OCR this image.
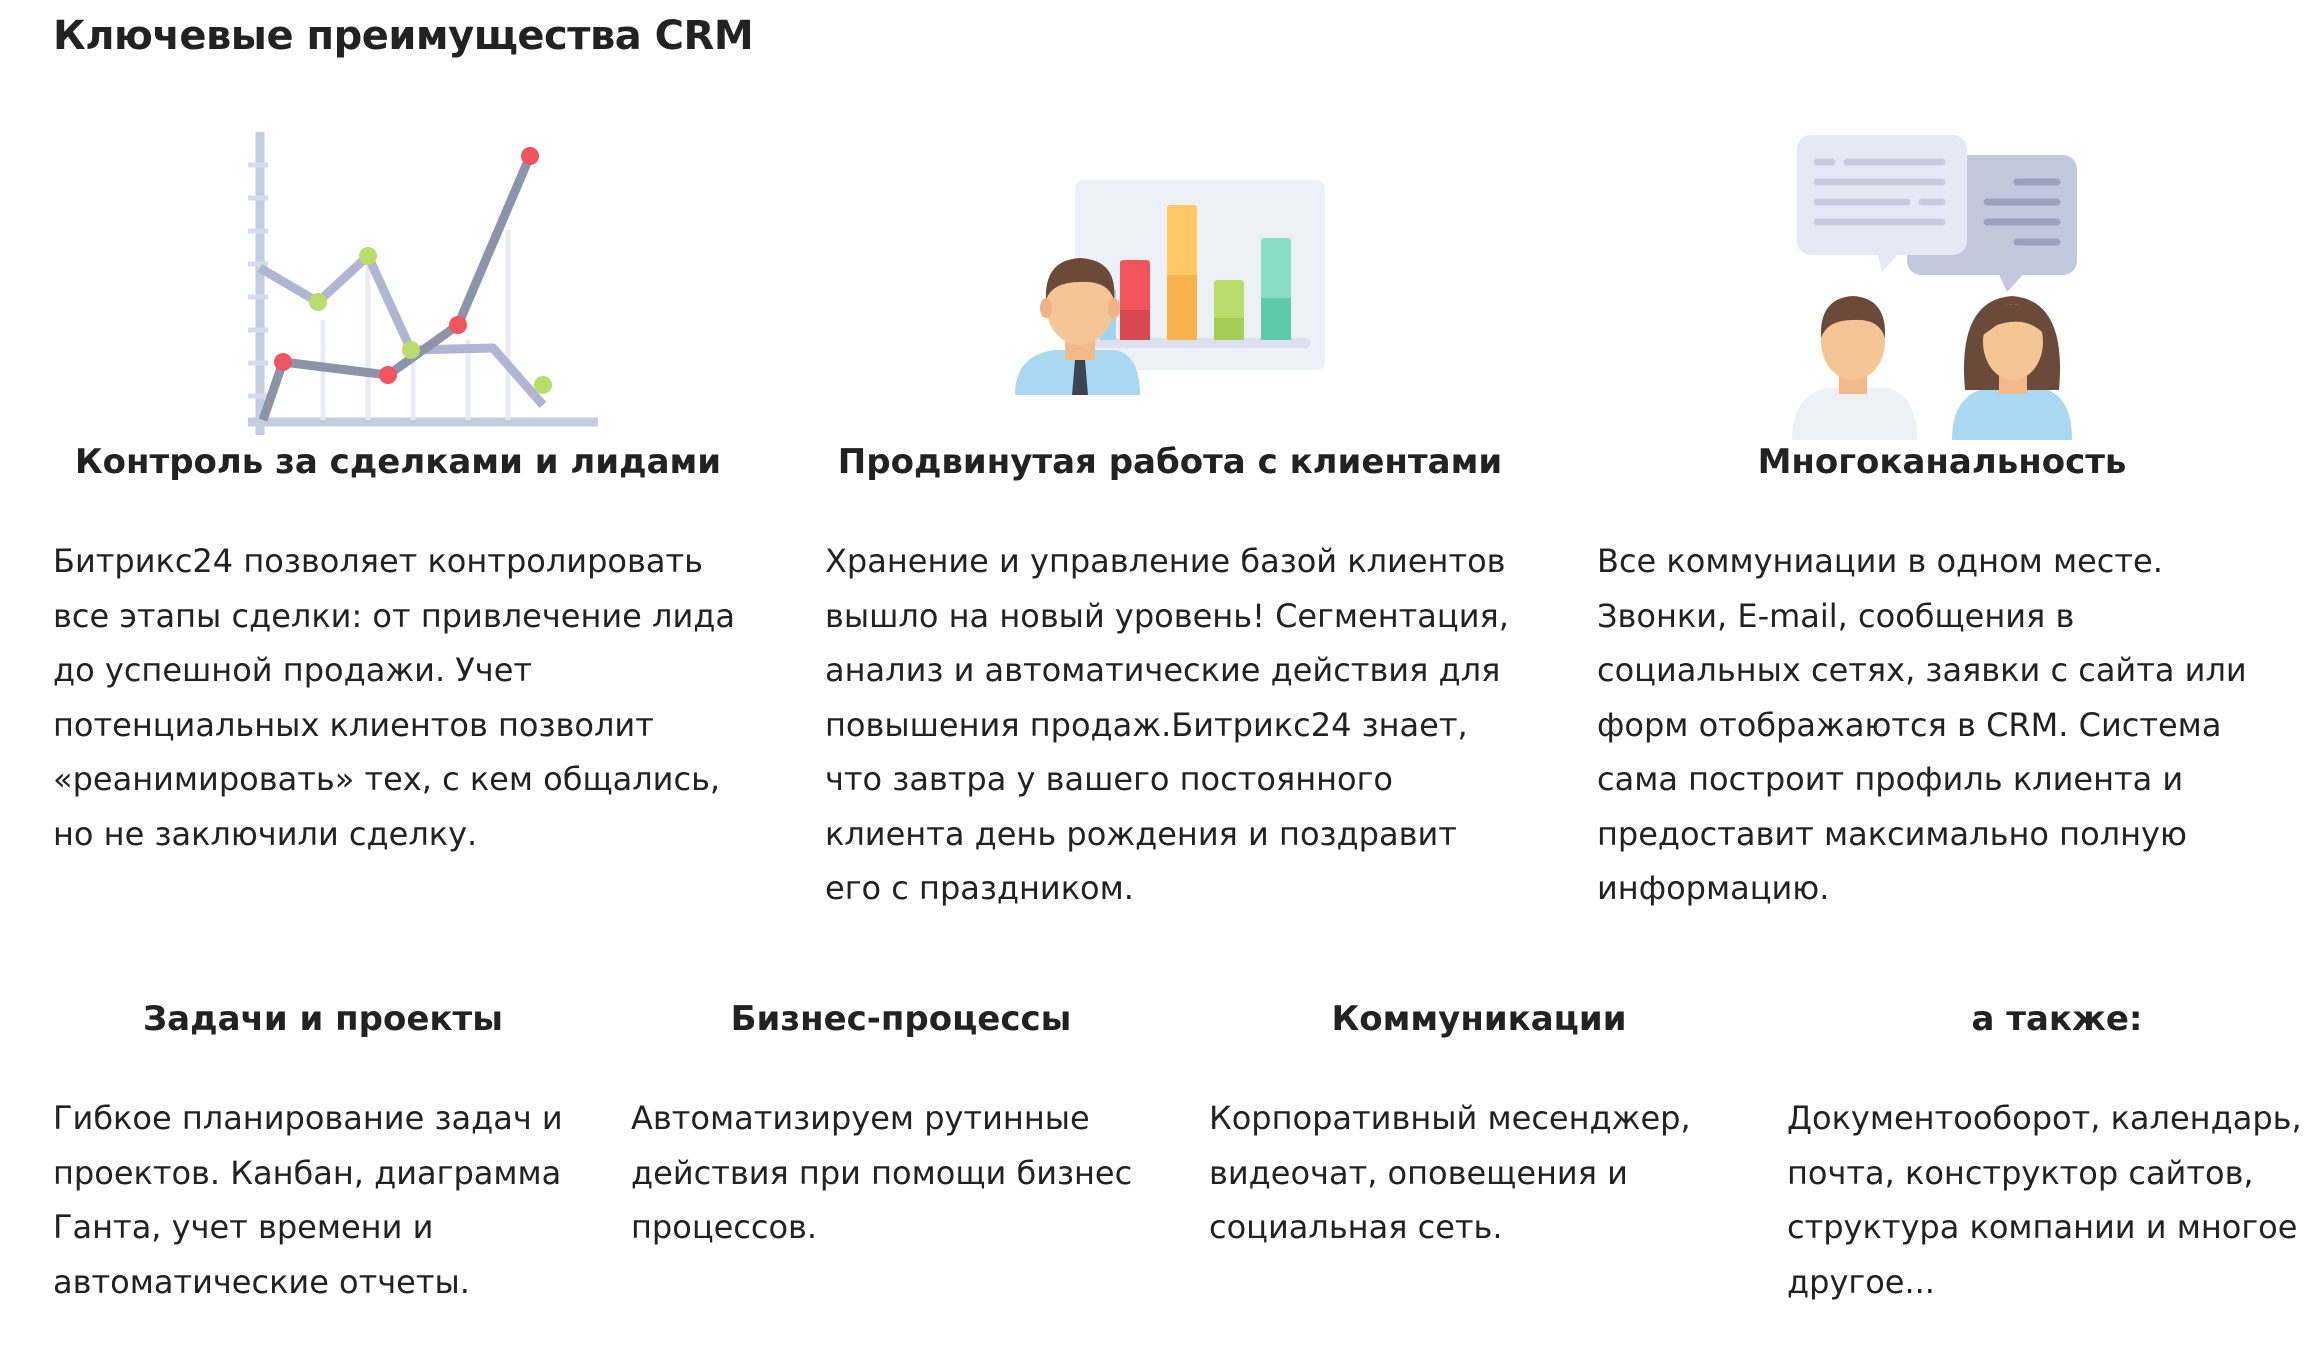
Ключевые преимущества CRM
Контроль за сделками и лидами

Битрикс24 позволяет контролировать все этапы сделки: от привлечение лида до успешной продажи. Учет потенциальных клиентов позволит «реанимировать» тех, с кем общались, но не заключили сделку.

Продвинутая работа с клиентами

Хранение и управление базой клиентов вышло на новый уровень! Сегментация, анализ и автоматические действия для повышения продаж.Битрикс24 знает, что завтра у вашего постоянного клиента день рождения и поздравит его с праздником.

Многоканальность

Все коммуниации в одном месте. Звонки, E-mail, сообщения в социальных сетях, заявки с сайта или форм отображаются в CRM. Система сама построит профиль клиента и предоставит максимально полную информацию.

Задачи и проекты

Гибкое планирование задач и проектов. Канбан, диаграмма Ганта, учет времени и автоматические отчеты.

Бизнес-процессы

Автоматизируем рутинные действия при помощи бизнес процессов.

Коммуникации

Корпоративный месенджер, видеочат, оповещения и социальная сеть.

а также:

Документооборот, календарь, почта, конструктор сайтов, структура компании и многое другое...
